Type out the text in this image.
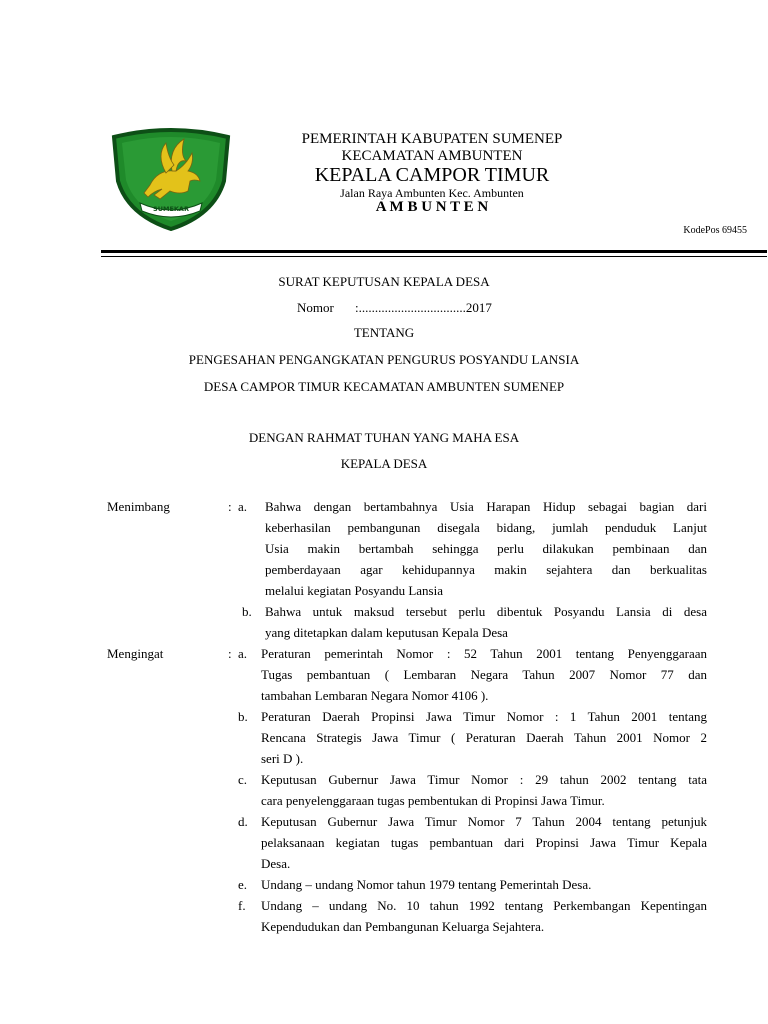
SUMEKAR
PEMERINTAH KABUPATEN SUMENEP
KECAMATAN AMBUNTEN
KEPALA CAMPOR TIMUR
Jalan Raya Ambunten Kec. Ambunten
A M B U N T E N
KodePos 69455
SURAT KEPUTUSAN KEPALA DESA
Nomor :.................................2017
TENTANG
PENGESAHAN PENGANGKATAN PENGURUS POSYANDU LANSIA
DESA CAMPOR TIMUR KECAMATAN AMBUNTEN SUMENEP
DENGAN RAHMAT TUHAN YANG MAHA ESA
KEPALA DESA
Menimbang	: a. Bahwa dengan bertambahnya Usia Harapan Hidup sebagai bagian dari
keberhasilan pembangunan disegala bidang, jumlah penduduk Lanjut
Usia makin bertambah sehingga perlu dilakukan pembinaan dan
pemberdayaan agar kehidupannya makin sejahtera dan berkualitas
melalui kegiatan Posyandu Lansia
b. Bahwa untuk maksud tersebut perlu dibentuk Posyandu Lansia di desa
yang ditetapkan dalam keputusan Kepala Desa
Mengingat	: a. Peraturan pemerintah Nomor : 52 Tahun 2001 tentang Penyenggaraan
Tugas pembantuan ( Lembaran Negara Tahun 2007 Nomor 77 dan
tambahan Lembaran Negara Nomor 4106 ).
b. Peraturan Daerah Propinsi Jawa Timur Nomor : 1 Tahun 2001 tentang
Rencana Strategis Jawa Timur ( Peraturan Daerah Tahun 2001 Nomor 2
seri D ).
c. Keputusan Gubernur Jawa Timur Nomor : 29 tahun 2002 tentang tata
cara penyelenggaraan tugas pembentukan di Propinsi Jawa Timur.
d. Keputusan Gubernur Jawa Timur Nomor 7 Tahun 2004 tentang petunjuk
pelaksanaan kegiatan tugas pembantuan dari Propinsi Jawa Timur Kepala
Desa.
e. Undang – undang Nomor tahun 1979 tentang Pemerintah Desa.
f. Undang – undang No. 10 tahun 1992 tentang Perkembangan Kepentingan
Kependudukan dan Pembangunan Keluarga Sejahtera.
